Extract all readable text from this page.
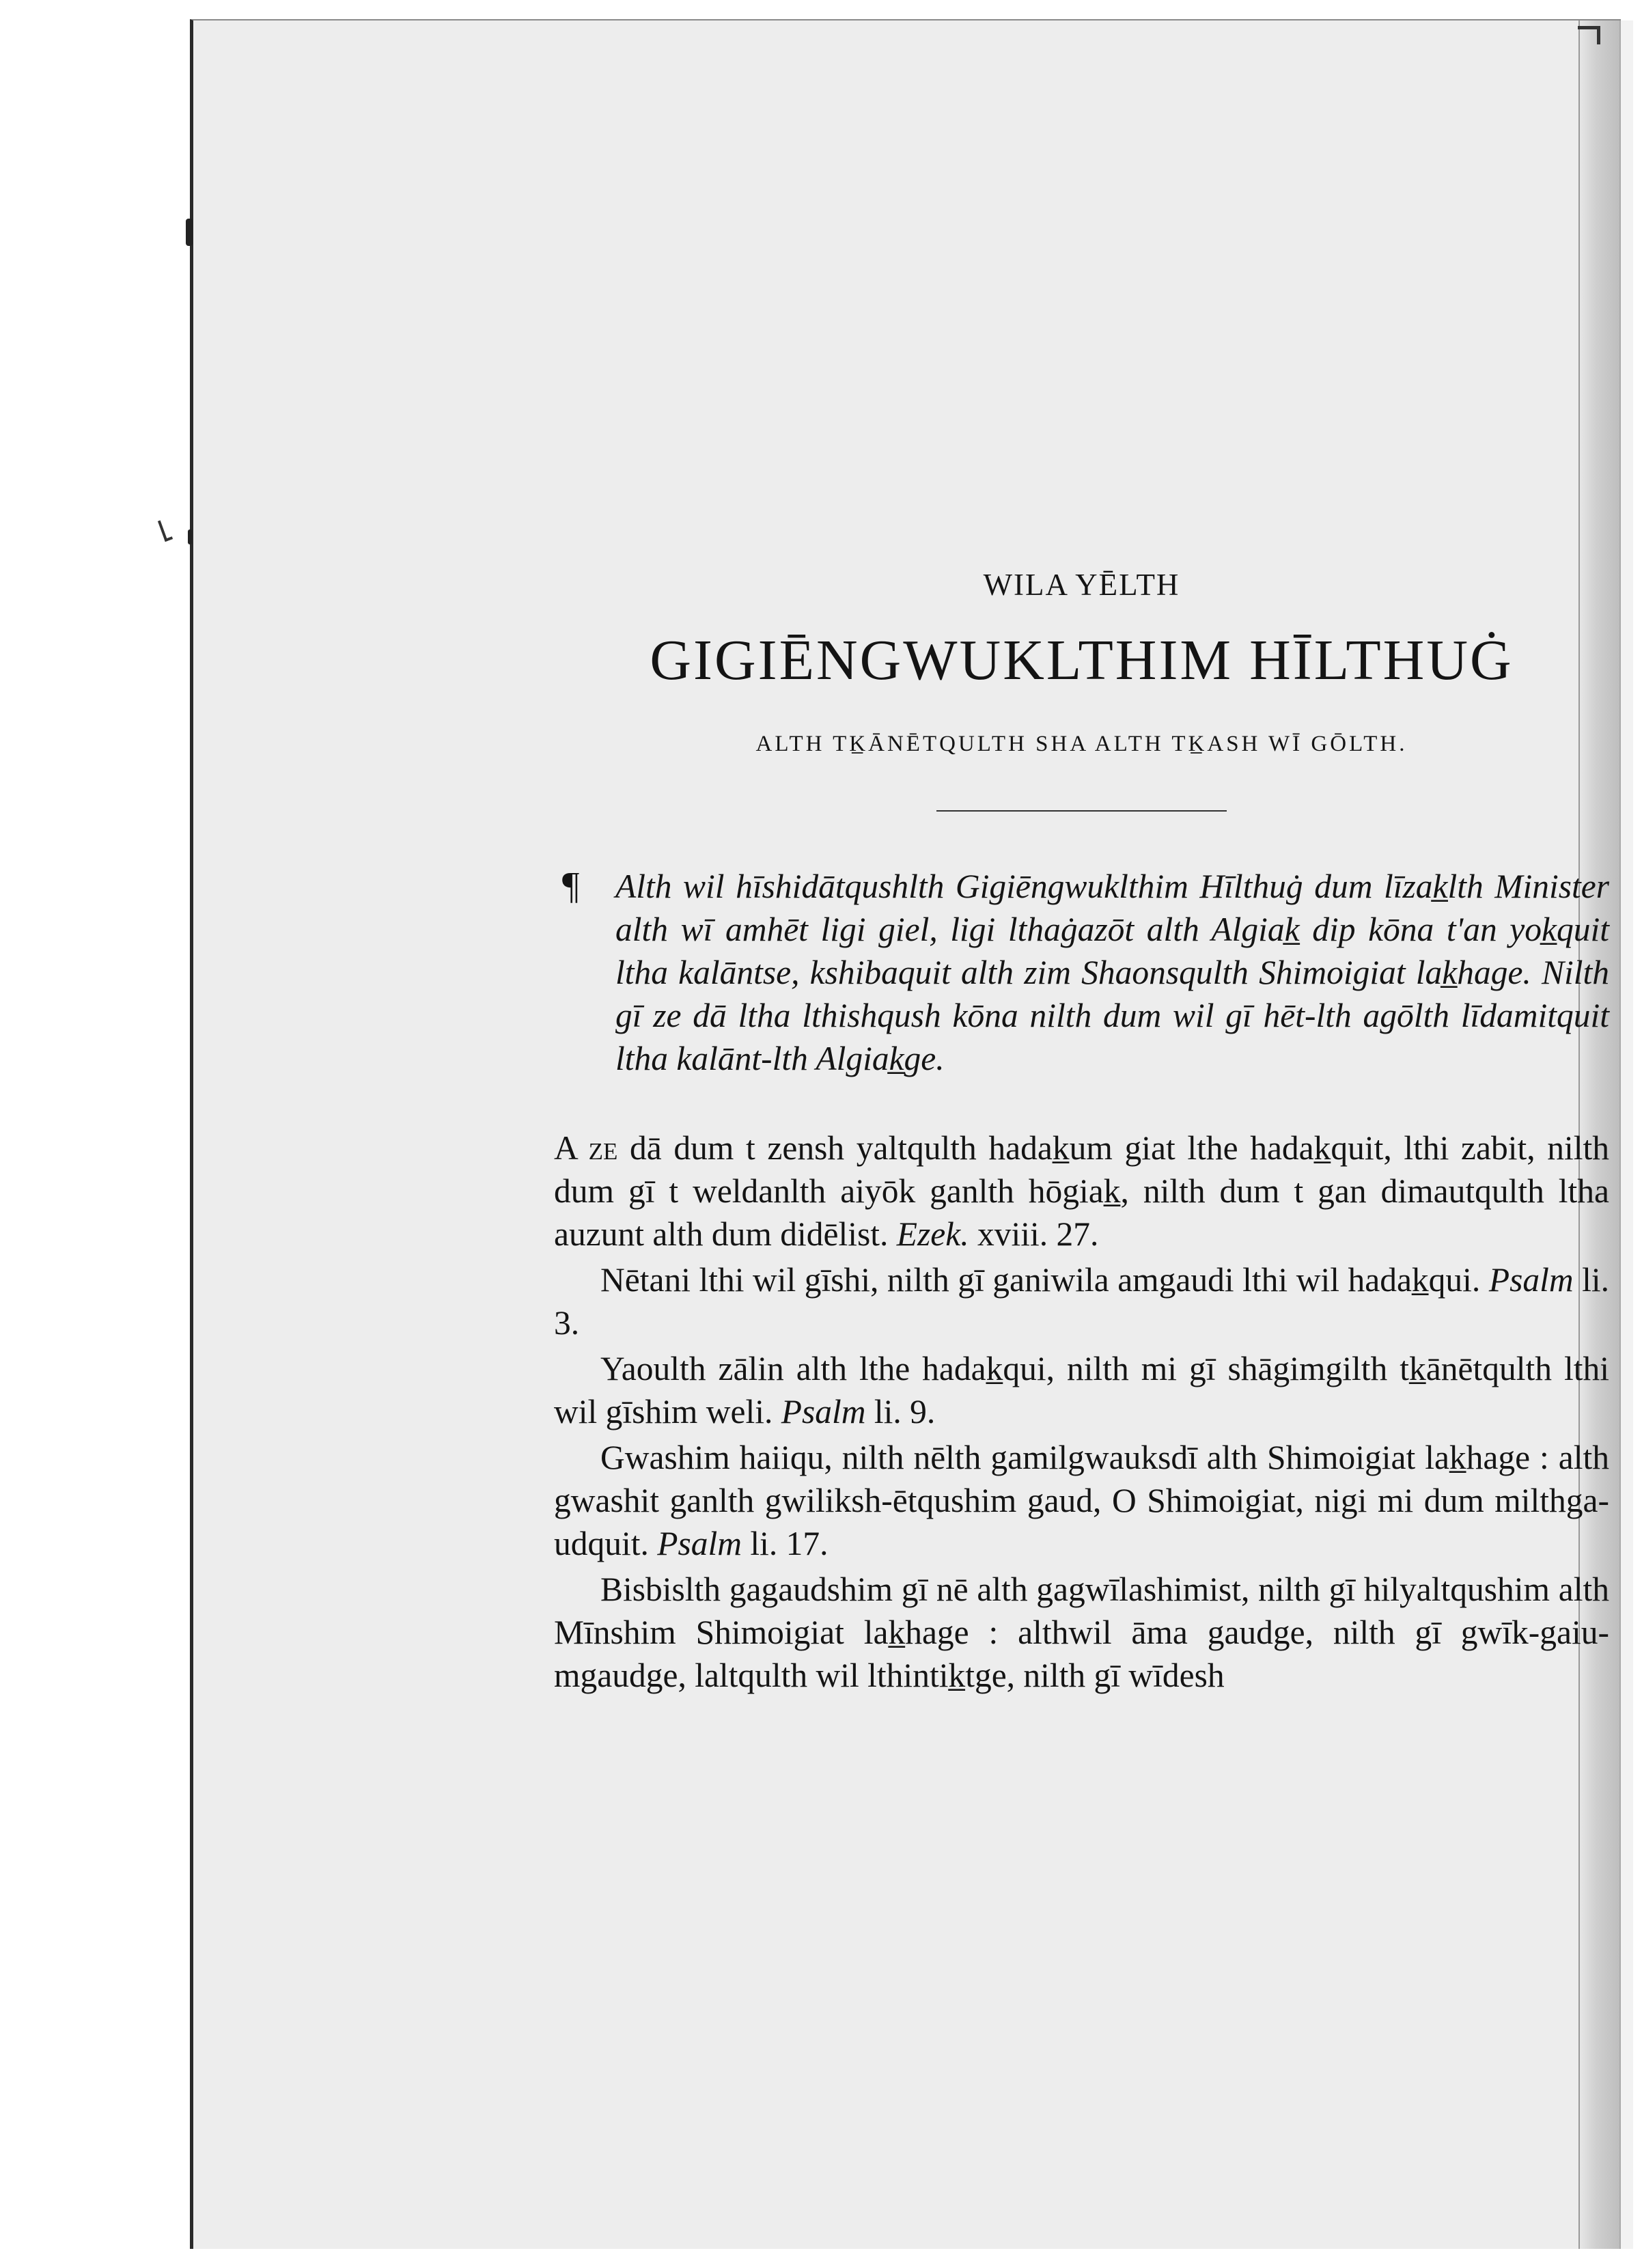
WILA YĒLTH
GIGIĒNGWUKLTHIM HĪLTHUĠ
ALTH TK̲ĀNĒTQULTH SHA ALTH TK̲ASH WĪ GŌLTH.

¶ Alth wil hīshidātqushlth Gigiēngwuklthim Hīlthuġ dum līzak̲lth Minister alth wī amhēt ligi giel, ligi lthaġazōt alth Algiak̲ dip kōna t'an yok̲quit ltha kalāntse, kshibaquit alth zim Shaonsqulth Shimoigiat lak̲hage. Nilth gī ze dā ltha lthishqush kōna nilth dum wil gī hēt-lth agōlth līdamitquit ltha kalānt-lth Algiak̲ge.

A ze dā dum t zensh yaltqulth hadak̲um giat lthe hadak̲quit, lthi zabit, nilth dum gī t weldanlth aiyōk ganlth hōgiak̲, nilth dum t gan dimautqulth ltha auzunt alth dum didēlist. Ezek. xviii. 27.

Nētani lthi wil gīshi, nilth gī ganiwila amgaudi lthi wil hadak̲qui. Psalm li. 3.

Yaoulth zālin alth lthe hadak̲qui, nilth mi gī shāgimgilth tk̲ānētqulth lthi wil gīshim weli. Psalm li. 9.

Gwashim haiiqu, nilth nēlth gamilgwauksdī alth Shimoigiat lak̲hage : alth gwashit ganlth gwiliksh-ētqushim gaud, O Shimoigiat, nigi mi dum milthga-udquit. Psalm li. 17.

Bisbislth gagaudshim gī nē alth gagwīlashimist, nilth gī hilyaltqushim alth Mīnshim Shimoigiat lak̲hage : althwil āma gaudge, nilth gī gwīk-gaiu-mgaudge, laltqulth wil lthintik̲tge, nilth gī wīdesh
